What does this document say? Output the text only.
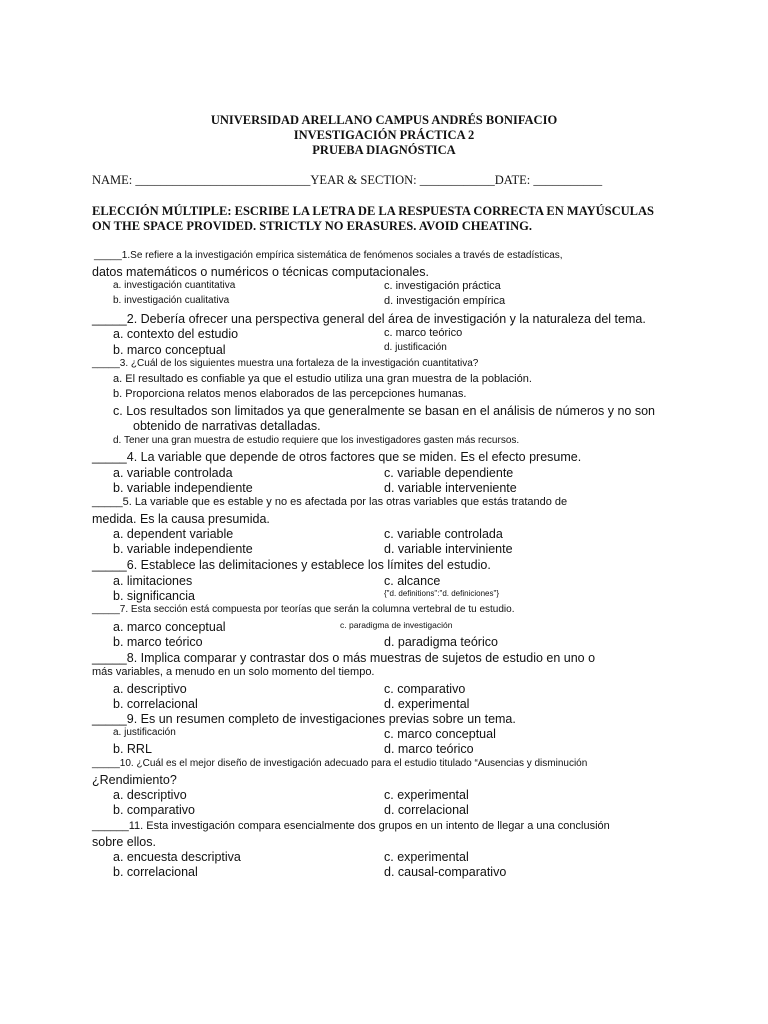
UNIVERSIDAD ARELLANO CAMPUS ANDRÉS BONIFACIO
INVESTIGACIÓN PRÁCTICA 2
PRUEBA DIAGNÓSTICA
NAME: ____________________________YEAR & SECTION: ____________DATE: ___________
ELECCIÓN MÚLTIPLE: ESCRIBE LA LETRA DE LA RESPUESTA CORRECTA EN MAYÚSCULAS
ON THE SPACE PROVIDED. STRICTLY NO ERASURES. AVOID CHEATING.
_____1.Se refiere a la investigación empírica sistemática de fenómenos sociales a través de estadísticas,
datos matemáticos o numéricos o técnicas computacionales.
a. investigación cuantitativa	c. investigación práctica
b. investigación cualitativa	d. investigación empírica
_____2. Debería ofrecer una perspectiva general del área de investigación y la naturaleza del tema.
a. contexto del estudio	c. marco teórico
b. marco conceptual	d. justificación
_____3. ¿Cuál de los siguientes muestra una fortaleza de la investigación cuantitativa?
a. El resultado es confiable ya que el estudio utiliza una gran muestra de la población.
b. Proporciona relatos menos elaborados de las percepciones humanas.
c. Los resultados son limitados ya que generalmente se basan en el análisis de números y no son
obtenido de narrativas detalladas.
d. Tener una gran muestra de estudio requiere que los investigadores gasten más recursos.
_____4. La variable que depende de otros factores que se miden. Es el efecto presume.
a. variable controlada	c. variable dependiente
b. variable independiente	d. variable interveniente
_____5. La variable que es estable y no es afectada por las otras variables que estás tratando de
medida. Es la causa presumida.
a. dependent variable	c. variable controlada
b. variable independiente	d. variable interviniente
_____6. Establece las delimitaciones y establece los límites del estudio.
a. limitaciones	c. alcance
b. significancia	{"d. definitions":"d. definiciones"}
_____7. Esta sección está compuesta por teorías que serán la columna vertebral de tu estudio.
a. marco conceptual	c. paradigma de investigación
b. marco teórico	d. paradigma teórico
_____8. Implica comparar y contrastar dos o más muestras de sujetos de estudio en uno o
más variables, a menudo en un solo momento del tiempo.
a. descriptivo	c. comparativo
b. correlacional	d. experimental
_____9. Es un resumen completo de investigaciones previas sobre un tema.
a. justificación	c. marco conceptual
b. RRL	d. marco teórico
_____10. ¿Cuál es el mejor diseño de investigación adecuado para el estudio titulado “Ausencias y disminución
¿Rendimiento?
a. descriptivo	c. experimental
b. comparativo	d. correlacional
______11. Esta investigación compara esencialmente dos grupos en un intento de llegar a una conclusión
sobre ellos.
a. encuesta descriptiva	c. experimental
b. correlacional	d. causal-comparativo
